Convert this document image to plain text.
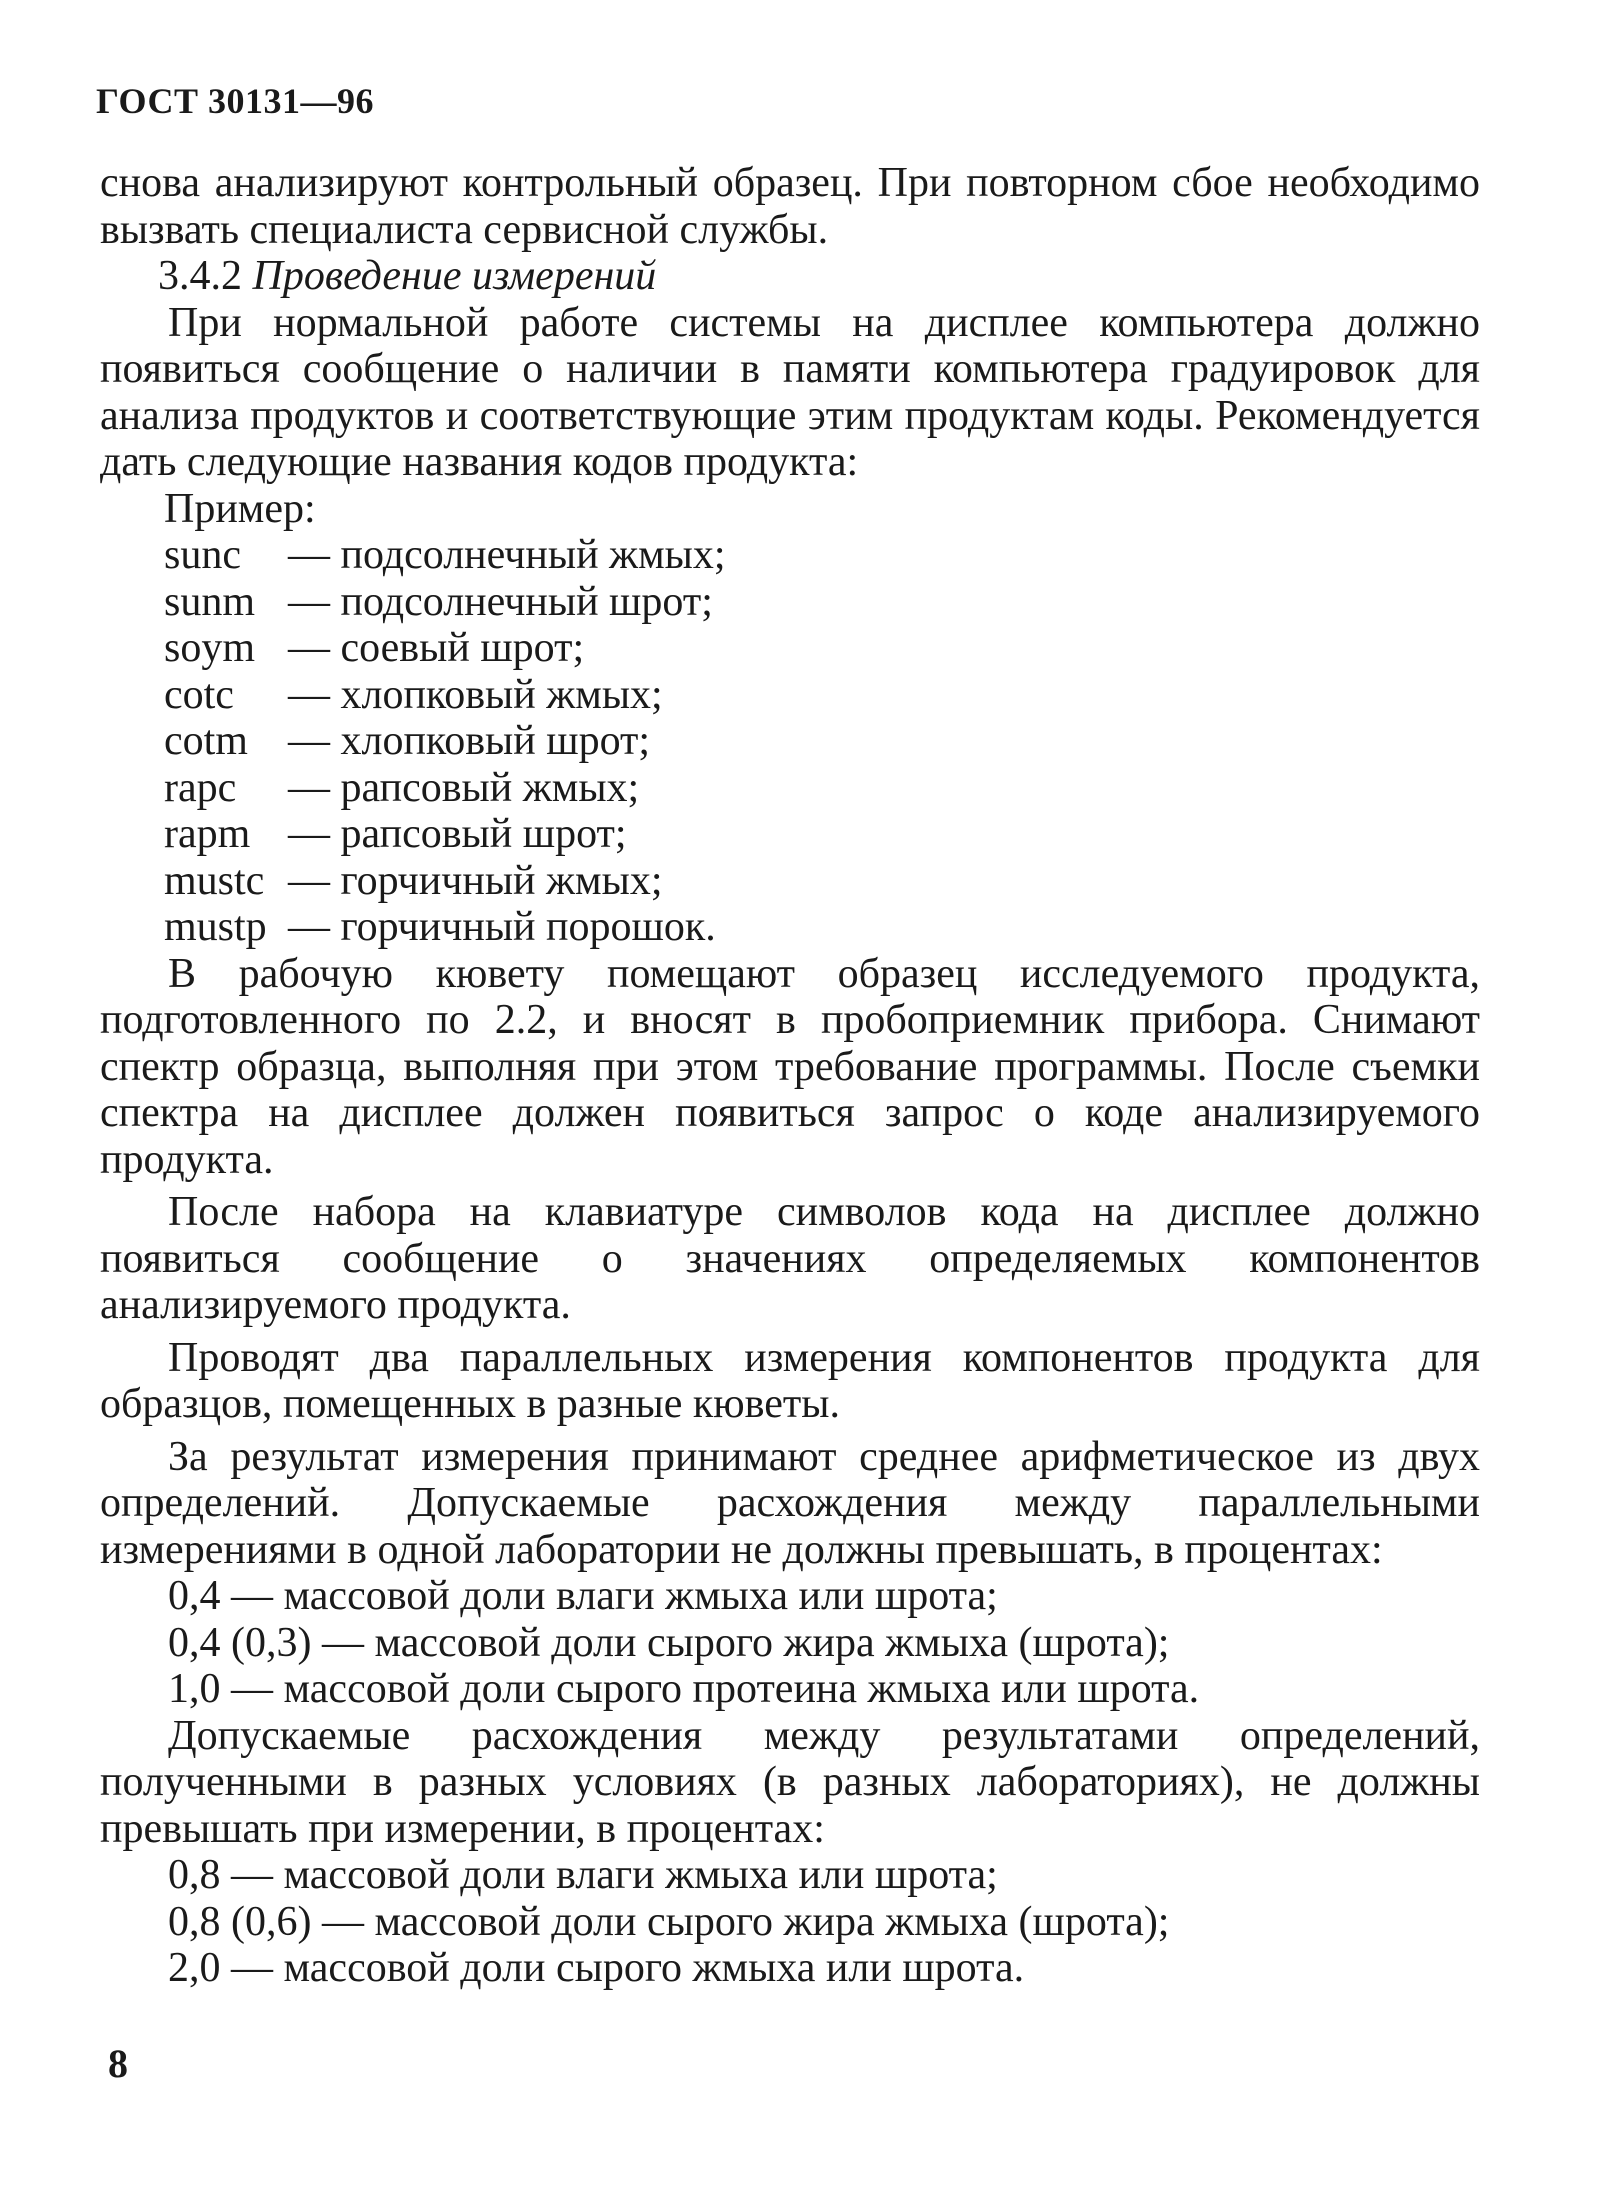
ГОСТ 30131—96

снова анализируют контрольный образец. При повторном сбое необходимо вызвать специалиста сервисной службы.

3.4.2 Проведение измерений

При нормальной работе системы на дисплее компьютера должно появиться сообщение о наличии в памяти компьютера градуировок для анализа продуктов и соответствующие этим продуктам коды. Рекомендуется дать следующие названия кодов продукта:

Пример:

sunc	— подсолнечный жмых;

sunm — подсолнечный шрот;

soym — соевый шрот;

cotc	— хлопковый жмых;

cotm — хлопковый шрот;

rapc	— рапсовый жмых;

rapm — рапсовый шрот;

mustc — горчичный жмых;

mustp — горчичный порошок.

В рабочую кювету помещают образец исследуемого продукта, подготовленного по 2.2, и вносят в пробоприемник прибора. Снимают спектр образца, выполняя при этом требование программы. После съемки спектра на дисплее должен появиться запрос о коде анализируемого продукта.

После набора на клавиатуре символов кода на дисплее должно появиться сообщение о значениях определяемых компонентов анализируемого продукта.

Проводят два параллельных измерения компонентов продукта для образцов, помещенных в разные кюветы.

За результат измерения принимают среднее арифметическое из двух определений. Допускаемые расхождения между параллельными измерениями в одной лаборатории не должны превышать, в процентах:

0,4 — массовой доли влаги жмыха или шрота;

0,4 (0,3) — массовой доли сырого жира жмыха (шрота);

1,0 — массовой доли сырого протеина жмыха или шрота.

Допускаемые расхождения между результатами определений, полученными в разных условиях (в разных лабораториях), не должны превышать при измерении, в процентах:

0,8 — массовой доли влаги жмыха или шрота;

0,8 (0,6) — массовой доли сырого жира жмыха (шрота);

2,0 — массовой доли сырого жмыха или шрота.

8
